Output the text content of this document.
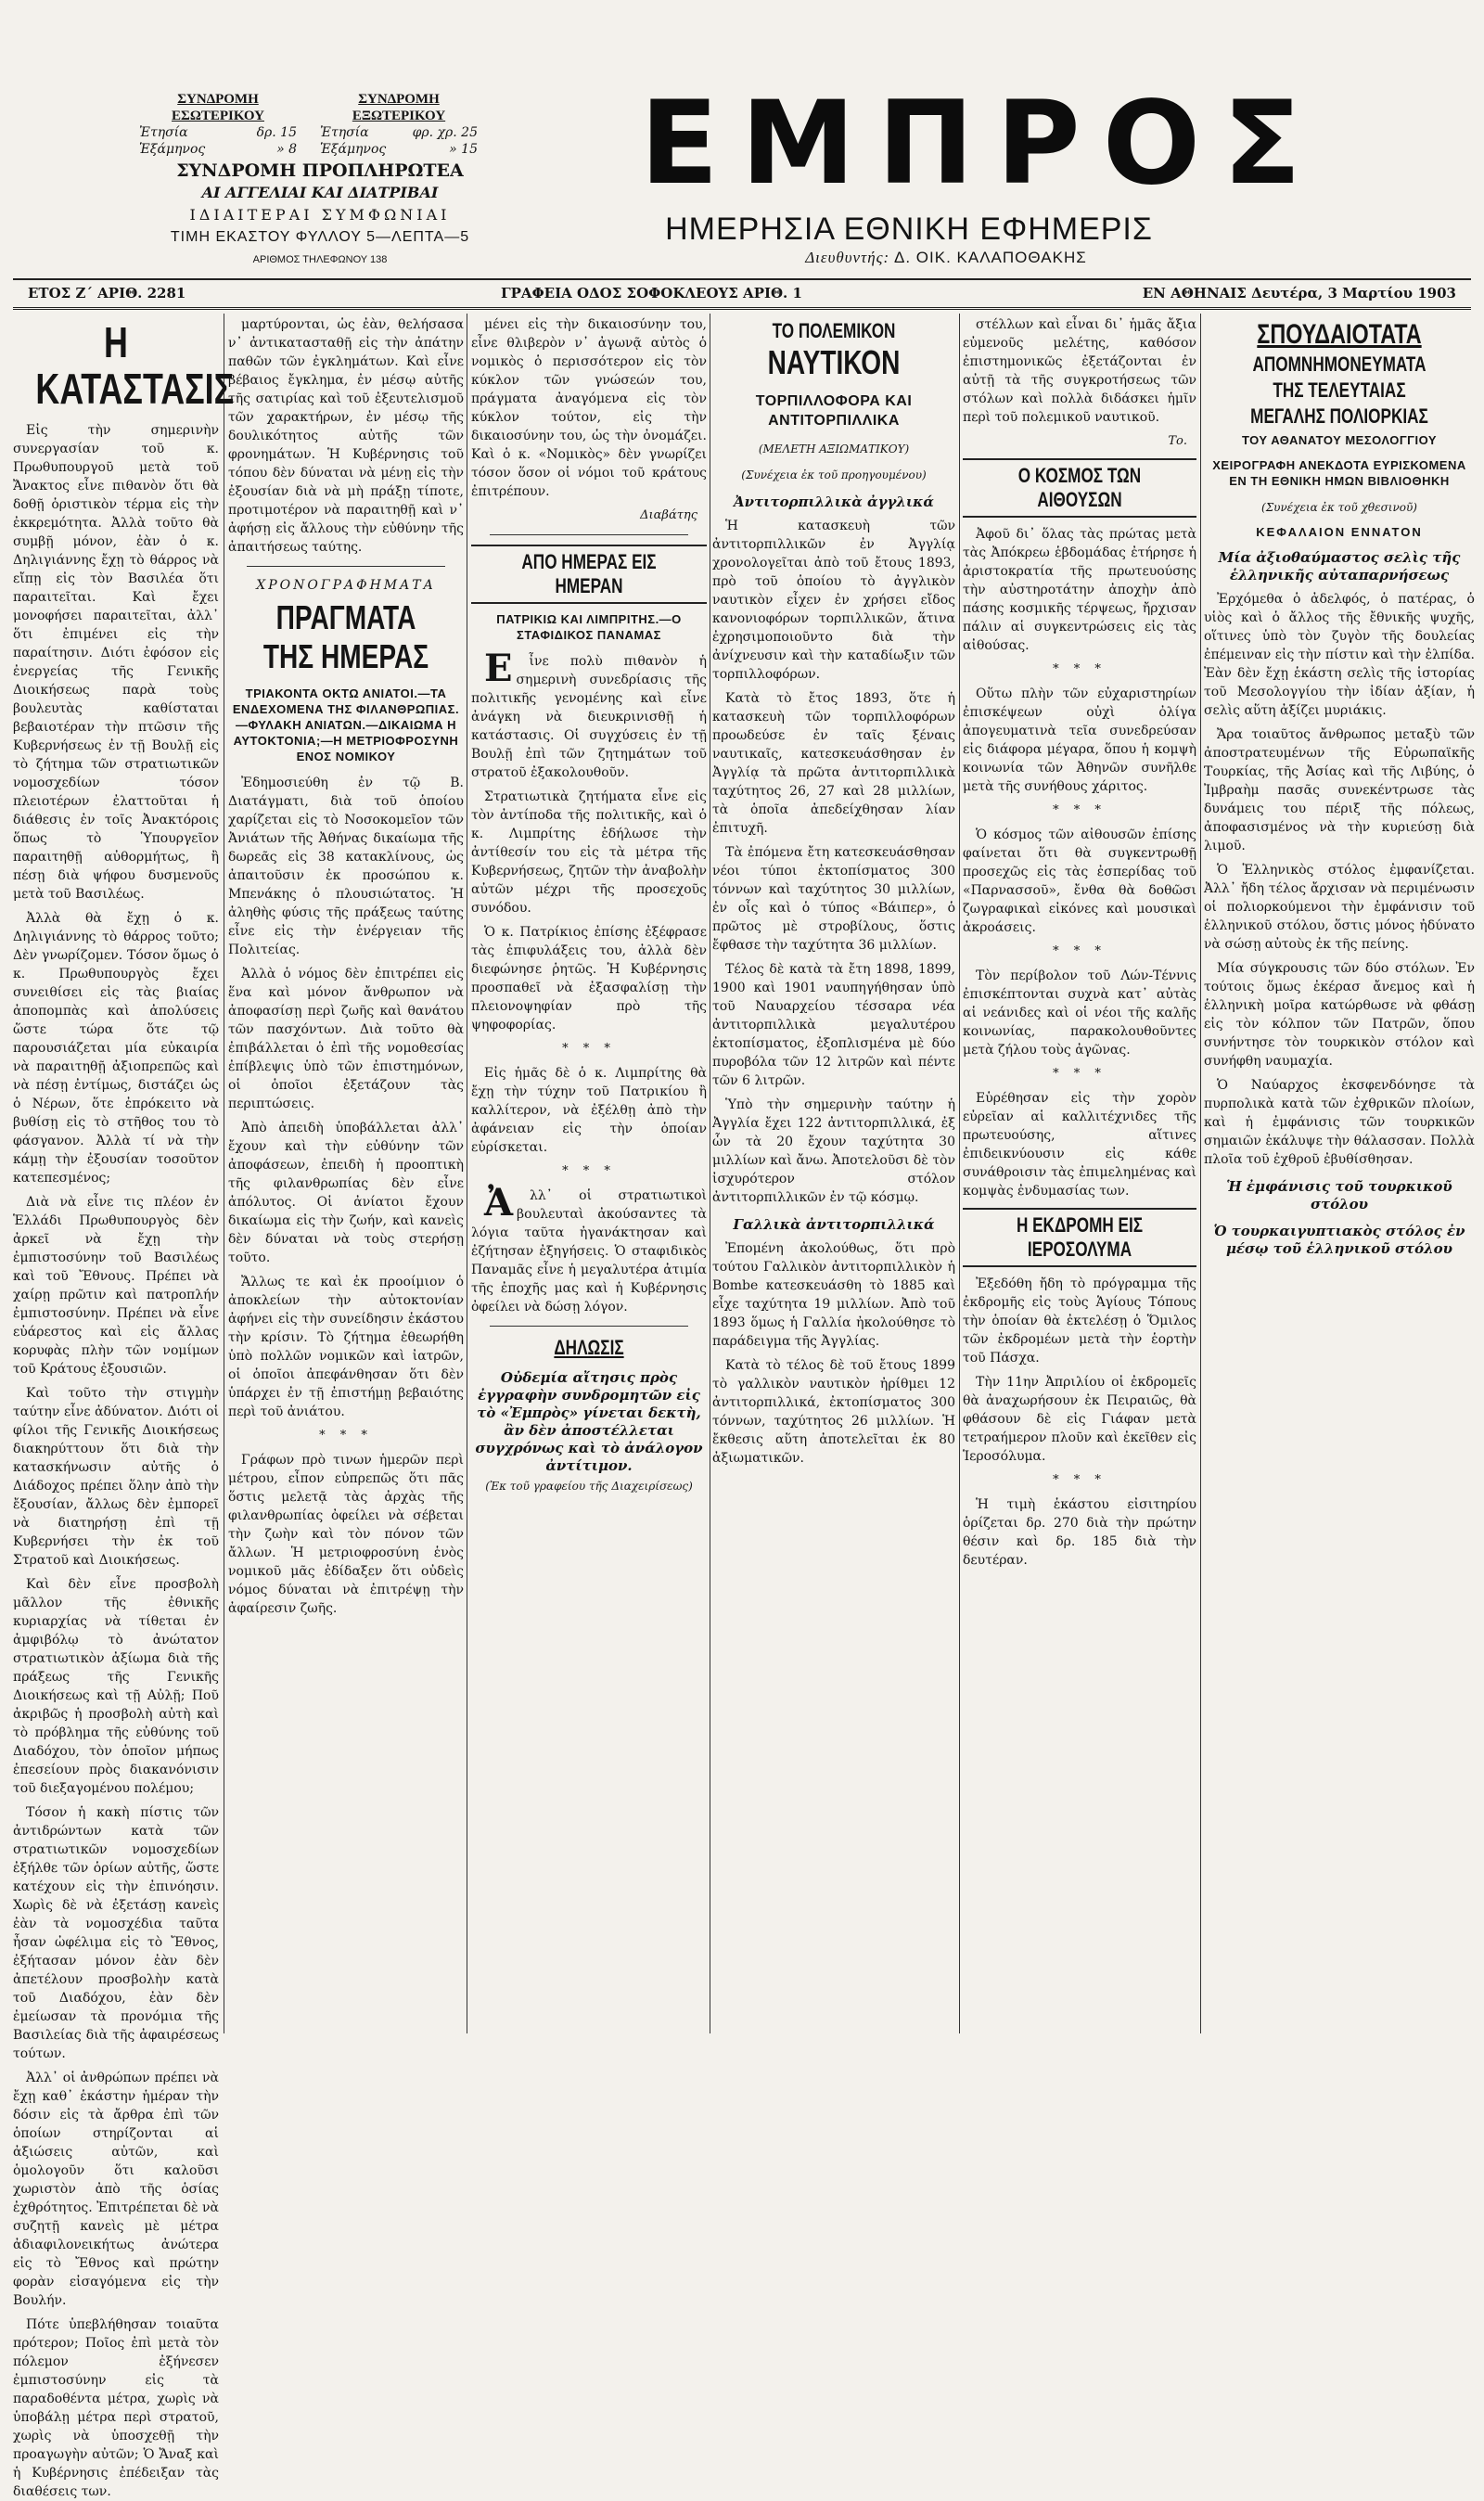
ΣΥΝΔΡΟΜΗ ΕΣΩΤΕΡΙΚΟΥ
Ἐτησία	δρ. 15
Ἑξάμηνος	» 8
ΣΥΝΔΡΟΜΗ ΕΞΩΤΕΡΙΚΟΥ
Ἐτησία	φρ. χρ. 25
Ἑξάμηνος	» 15
ΣΥΝΔΡΟΜΗ ΠΡΟΠΛΗΡΩΤΕΑ
ΑΙ ΑΓΓΕΛΙΑΙ ΚΑΙ ΔΙΑΤΡΙΒΑΙ
ΙΔΙΑΙΤΕΡΑΙ ΣΥΜΦΩΝΙΑΙ
ΤΙΜΗ ΕΚΑΣΤΟΥ ΦΥΛΛΟΥ 5—ΛΕΠΤΑ—5
ΑΡΙΘΜΟΣ ΤΗΛΕΦΩΝΟΥ 138
ΕΜΠΡΟΣ
ΗΜΕΡΗΣΙΑ ΕΘΝΙΚΗ ΕΦΗΜΕΡΙΣ
Διευθυντής: Δ. ΟΙΚ. ΚΑΛΑΠΟΘΑΚΗΣ
ΕΤΟΣ Ζ΄ ΑΡΙΘ. 2281	ΓΡΑΦΕΙΑ ΟΔΟΣ ΣΟΦΟΚΛΕΟΥΣ ΑΡΙΘ. 1	ΕΝ ΑΘΗΝΑΙΣ Δευτέρα, 3 Μαρτίου 1903
Η ΚΑΤΑΣΤΑΣΙΣ

Εἰς τὴν σημερινὴν συνεργασίαν τοῦ κ. Πρωθυπουργοῦ μετὰ τοῦ Ἄνακτος εἶνε πιθανὸν ὅτι θὰ δοθῇ ὁριστικὸν τέρμα εἰς τὴν ἐκκρεμότητα. Ἀλλὰ τοῦτο θὰ συμβῇ μόνον, ἐὰν ὁ κ. Δηλιγιάννης ἔχῃ τὸ θάρρος νὰ εἴπῃ εἰς τὸν Βασιλέα ὅτι παραιτεῖται. Καὶ ἔχει μονοφήσει παραιτεῖται, ἀλλ᾽ ὅτι ἐπιμένει εἰς τὴν παραίτησιν. Διότι ἐφόσον εἰς ἐνεργείας τῆς Γενικῆς Διοικήσεως παρὰ τοὺς βουλευτὰς καθίσταται βεβαιοτέραν τὴν πτῶσιν τῆς Κυβερνήσεως ἐν τῇ Βουλῇ εἰς τὸ ζήτημα τῶν στρατιωτικῶν νομοσχεδίων τόσον πλειοτέρων ἐλαττοῦται ἡ διάθεσις ἐν τοῖς Ἀνακτόροις ὅπως τὸ Ὑπουργεῖον παραιτηθῇ αὐθορμήτως, ἢ πέσῃ διὰ ψήφου δυσμενοῦς μετὰ τοῦ Βασιλέως.

Ἀλλὰ θὰ ἔχῃ ὁ κ. Δηλιγιάννης τὸ θάρρος τοῦτο; Δὲν γνωρίζομεν. Τόσον ὅμως ὁ κ. Πρωθυπουργὸς ἔχει συνειθίσει εἰς τὰς βιαίας ἀποπομπὰς καὶ ἀπολύσεις ὥστε τώρα ὅτε τῷ παρουσιάζεται μία εὐκαιρία νὰ παραιτηθῇ ἀξιοπρεπῶς καὶ νὰ πέσῃ ἐντίμως, διστάζει ὡς ὁ Νέρων, ὅτε ἐπρόκειτο νὰ βυθίσῃ εἰς τὸ στῆθος του τὸ φάσγανον. Ἀλλὰ τί νὰ τὴν κάμῃ τὴν ἐξουσίαν τοσοῦτον κατεπεσμένος;

Διὰ νὰ εἶνε τις πλέον ἐν Ἑλλάδι Πρωθυπουργὸς δὲν ἀρκεῖ νὰ ἔχῃ τὴν ἐμπιστοσύνην τοῦ Βασιλέως καὶ τοῦ Ἔθνους. Πρέπει νὰ χαίρῃ πρῶτιν καὶ πατροπλήν ἐμπιστοσύνην. Πρέπει νὰ εἶνε εὐάρεστος καὶ εἰς ἄλλας κορυφὰς πλὴν τῶν νομίμων τοῦ Κράτους ἐξουσιῶν.

Καὶ τοῦτο τὴν στιγμὴν ταύτην εἶνε ἀδύνατον. Διότι οἱ φίλοι τῆς Γενικῆς Διοικήσεως διακηρύττουν ὅτι διὰ τὴν κατασκήνωσιν αὐτῆς ὁ Διάδοχος πρέπει ὅλην ἀπὸ τὴν ἔξουσίαν, ἄλλως δὲν ἐμπορεῖ νὰ διατηρήσῃ ἐπὶ τῇ Κυβερνήσει τὴν ἐκ τοῦ Στρατοῦ καὶ Διοικήσεως.

Καὶ δὲν εἶνε προσβολὴ μᾶλλον τῆς ἐθνικῆς κυριαρχίας νὰ τίθεται ἐν ἀμφιβόλῳ τὸ ἀνώτατον στρατιωτικὸν ἀξίωμα διὰ τῆς πράξεως τῆς Γενικῆς Διοικήσεως καὶ τῇ Αὐλῇ; Ποῦ ἀκριβῶς ἡ προσβολὴ αὐτὴ καὶ τὸ πρόβλημα τῆς εὐθύνης τοῦ Διαδόχου, τὸν ὁποῖον μήπως ἐπεσείουν πρὸς διακανόνισιν τοῦ διεξαγομένου πολέμου;

Τόσον ἡ κακὴ πίστις τῶν ἀντιδρώντων κατὰ τῶν στρατιωτικῶν νομοσχεδίων ἐξήλθε τῶν ὁρίων αὐτῆς, ὥστε κατέχουν εἰς τὴν ἐπινόησιν. Χωρὶς δὲ νὰ ἐξετάσῃ κανεὶς ἐὰν τὰ νομοσχέδια ταῦτα ἦσαν ὠφέλιμα εἰς τὸ Ἔθνος, ἐξήτασαν μόνον ἐὰν δὲν ἀπετέλουν προσβολὴν κατὰ τοῦ Διαδόχου, ἐὰν δὲν ἐμείωσαν τὰ προνόμια τῆς Βασιλείας διὰ τῆς ἀφαιρέσεως τούτων.

Ἀλλ᾽ οἱ ἀνθρώπων πρέπει νὰ ἔχῃ καθ᾽ ἑκάστην ἡμέραν τὴν δόσιν εἰς τὰ ἄρθρα ἐπὶ τῶν ὁποίων στηρίζονται αἱ ἀξιώσεις αὐτῶν, καὶ ὁμολογοῦν ὅτι καλοῦσι χωριστὸν ἀπὸ τῆς ὁσίας ἐχθρότητος. Ἐπιτρέπεται δὲ νὰ συζητῇ κανεὶς μὲ μέτρα ἀδιαφιλονεικήτως ἀνώτερα εἰς τὸ Ἔθνος καὶ πρώτην φορὰν εἰσαγόμενα εἰς τὴν Βουλήν.

Πότε ὑπεβλήθησαν τοιαῦτα πρότερον; Ποῖος ἐπὶ μετὰ τὸν πόλεμον ἐξήνεσεν ἐμπιστοσύνην εἰς τὰ παραδοθέντα μέτρα, χωρὶς νὰ ὑποβάλῃ μέτρα περὶ στρατοῦ, χωρὶς νὰ ὑποσχεθῇ τὴν προαγωγὴν αὐτῶν; Ὁ Ἄναξ καὶ ἡ Κυβέρνησις ἐπέδειξαν τὰς διαθέσεις των.

μαρτύρονται, ὡς ἐὰν, θελήσασα ν᾽ ἀντικατασταθῇ εἰς τὴν ἀπάτην παθῶν τῶν ἐγκλημάτων. Καὶ εἶνε βέβαιος ἔγκλημα, ἐν μέσῳ αὐτῆς τῆς σατιρίας καὶ τοῦ ἐξευτελισμοῦ τῶν χαρακτήρων, ἐν μέσῳ τῆς δουλικότητος αὐτῆς τῶν φρονημάτων. Ἡ Κυβέρνησις τοῦ τόπου δὲν δύναται νὰ μένῃ εἰς τὴν ἐξουσίαν διὰ νὰ μὴ πράξῃ τίποτε, προτιμοτέρον νὰ παραιτηθῇ καὶ ν᾽ ἀφήσῃ εἰς ἄλλους τὴν εὐθύνην τῆς ἀπαιτήσεως ταύτης.

ΧΡΟΝΟΓΡΑΦΗΜΑΤΑ
ΠΡΑΓΜΑΤΑ ΤΗΣ ΗΜΕΡΑΣ
ΤΡΙΑΚΟΝΤΑ ΟΚΤΩ ΑΝΙΑΤΟΙ.—ΤΑ ΕΝΔΕΧΟΜΕΝΑ ΤΗΣ ΦΙΛΑΝΘΡΩΠΙΑΣ.—ΦΥΛΑΚΗ ΑΝΙΑΤΩΝ.—ΔΙΚΑΙΩΜΑ Η ΑΥΤΟΚΤΟΝΙΑ;—Η ΜΕΤΡΙΟΦΡΟΣΥΝΗ ΕΝΟΣ ΝΟΜΙΚΟΥ

Ἐδημοσιεύθη ἐν τῷ Β. Διατάγματι, διὰ τοῦ ὁποίου χαρίζεται εἰς τὸ Νοσοκομεῖον τῶν Ἀνιάτων τῆς Ἀθήνας δικαίωμα τῆς δωρεᾶς εἰς 38 κατακλίνους, ὡς ἀπαιτοῦσιν ἐκ προσώπου κ. Μπενάκης ὁ πλουσιώτατος. Ἡ ἀληθὴς φύσις τῆς πράξεως ταύτης εἶνε εἰς τὴν ἐνέργειαν τῆς Πολιτείας.

Ἀλλὰ ὁ νόμος δὲν ἐπιτρέπει εἰς ἕνα καὶ μόνον ἄνθρωπον νὰ ἀποφασίσῃ περὶ ζωῆς καὶ θανάτου τῶν πασχόντων. Διὰ τοῦτο θὰ ἐπιβάλλεται ὁ ἐπὶ τῆς νομοθεσίας ἐπίβλεψις ὑπὸ τῶν ἐπιστημόνων, οἱ ὁποῖοι ἐξετάζουν τὰς περιπτώσεις.

Ἀπὸ ἀπειδὴ ὑποβάλλεται ἀλλ᾽ ἔχουν καὶ τὴν εὐθύνην τῶν ἀποφάσεων, ἐπειδὴ ἡ προοπτικὴ τῆς φιλανθρωπίας δὲν εἶνε ἀπόλυτος. Οἱ ἀνίατοι ἔχουν δικαίωμα εἰς τὴν ζωήν, καὶ κανεὶς δὲν δύναται νὰ τοὺς στερήσῃ τοῦτο.

Ἄλλως τε καὶ ἐκ προοίμιον ὁ ἀποκλείων τὴν αὐτοκτονίαν ἀφήνει εἰς τὴν συνείδησιν ἑκάστου τὴν κρίσιν. Τὸ ζήτημα ἐθεωρήθη ὑπὸ πολλῶν νομικῶν καὶ ἰατρῶν, οἱ ὁποῖοι ἀπεφάνθησαν ὅτι δὲν ὑπάρχει ἐν τῇ ἐπιστήμῃ βεβαιότης περὶ τοῦ ἀνιάτου.

* * *

Γράφων πρὸ τινων ἡμερῶν περὶ μέτρου, εἶπον εὐπρεπῶς ὅτι πᾶς ὅστις μελετᾷ τὰς ἀρχὰς τῆς φιλανθρωπίας ὀφείλει νὰ σέβεται τὴν ζωὴν καὶ τὸν πόνον τῶν ἄλλων. Ἡ μετριοφροσύνη ἑνὸς νομικοῦ μᾶς ἐδίδαξεν ὅτι οὐδεὶς νόμος δύναται νὰ ἐπιτρέψῃ τὴν ἀφαίρεσιν ζωῆς.

μένει εἰς τὴν δικαιοσύνην του, εἶνε θλιβερὸν ν᾽ ἀγωνᾷ αὐτὸς ὁ νομικὸς ὁ περισσότερον εἰς τὸν κύκλον τῶν γνώσεών του, πράγματα ἀναγόμενα εἰς τὸν κύκλον τούτον, εἰς τὴν δικαιοσύνην του, ὡς τὴν ὀνομάζει. Καὶ ὁ κ. «Νομικὸς» δὲν γνωρίζει τόσον ὅσον οἱ νόμοι τοῦ κράτους ἐπιτρέπουν.

Διαβάτης
ΑΠΟ ΗΜΕΡΑΣ ΕΙΣ ΗΜΕΡΑΝ
ΠΑΤΡΙΚΙΩ ΚΑΙ ΛΙΜΠΡΙΤΗΣ.—Ο ΣΤΑΦΙΔΙΚΟΣ ΠΑΝΑΜΑΣ

Εἶνε πολὺ πιθανὸν ἡ σημερινὴ συνεδρίασις τῆς πολιτικῆς γενομένης καὶ εἶνε ἀνάγκη νὰ διευκρινισθῇ ἡ κατάστασις. Οἱ συγχύσεις ἐν τῇ Βουλῇ ἐπὶ τῶν ζητημάτων τοῦ στρατοῦ ἐξακολουθοῦν.

Στρατιωτικὰ ζητήματα εἶνε εἰς τὸν ἀντίποδα τῆς πολιτικῆς, καὶ ὁ κ. Λιμπρίτης ἐδήλωσε τὴν ἀντίθεσίν του εἰς τὰ μέτρα τῆς Κυβερνήσεως, ζητῶν τὴν ἀναβολὴν αὐτῶν μέχρι τῆς προσεχοῦς συνόδου.

Ὁ κ. Πατρίκιος ἐπίσης ἐξέφρασε τὰς ἐπιφυλάξεις του, ἀλλὰ δὲν διεφώνησε ῥητῶς. Ἡ Κυβέρνησις προσπαθεῖ νὰ ἐξασφαλίσῃ τὴν πλειονοψηφίαν πρὸ τῆς ψηφοφορίας.

* * *

Εἰς ἡμᾶς δὲ ὁ κ. Λιμπρίτης θὰ ἔχῃ τὴν τύχην τοῦ Πατρικίου ἢ καλλίτερον, νὰ ἐξέλθῃ ἀπὸ τὴν ἀφάνειαν εἰς τὴν ὁποίαν εὑρίσκεται.

* * *

Ἀλλ᾽ οἱ στρατιωτικοὶ βουλευταὶ ἀκούσαντες τὰ λόγια ταῦτα ἠγανάκτησαν καὶ ἐζήτησαν ἐξηγήσεις. Ὁ σταφιδικὸς Παναμᾶς εἶνε ἡ μεγαλυτέρα ἀτιμία τῆς ἐποχῆς μας καὶ ἡ Κυβέρνησις ὀφείλει νὰ δώσῃ λόγον.

ΔΗΛΩΣΙΣ
Οὐδεμία αἴτησις πρὸς ἐγγραφὴν συνδρομητῶν εἰς τὸ «Ἐμπρὸς» γίνεται δεκτὴ, ἂν δὲν ἀποστέλλεται συγχρόνως καὶ τὸ ἀνάλογον ἀντίτιμον.
(Ἐκ τοῦ γραφείου τῆς Διαχειρίσεως)
ΤΟ ΠΟΛΕΜΙΚΟΝ
ΝΑΥΤΙΚΟΝ
ΤΟΡΠΙΛΛΟΦΟΡΑ ΚΑΙ ΑΝΤΙΤΟΡΠΙΛΛΙΚΑ
(ΜΕΛΕΤΗ ΑΞΙΩΜΑΤΙΚΟΥ)
(Συνέχεια ἐκ τοῦ προηγουμένου)
Ἀντιτορπιλλικὰ ἀγγλικά

Ἡ κατασκευὴ τῶν ἀντιτορπιλλικῶν ἐν Ἀγγλίᾳ χρονολογεῖται ἀπὸ τοῦ ἔτους 1893, πρὸ τοῦ ὁποίου τὸ ἀγγλικὸν ναυτικὸν εἶχεν ἐν χρήσει εἴδος κανονιοφόρων τορπιλλικῶν, ἅτινα ἐχρησιμοποιοῦντο διὰ τὴν ἀνίχνευσιν καὶ τὴν καταδίωξιν τῶν τορπιλλοφόρων.

Κατὰ τὸ ἔτος 1893, ὅτε ἡ κατασκευὴ τῶν τορπιλλοφόρων προωδεύσε ἐν ταῖς ξέναις ναυτικαῖς, κατεσκευάσθησαν ἐν Ἀγγλίᾳ τὰ πρῶτα ἀντιτορπιλλικὰ ταχύτητος 26, 27 καὶ 28 μιλλίων, τὰ ὁποῖα ἀπεδείχθησαν λίαν ἐπιτυχῆ.

Τὰ ἐπόμενα ἔτη κατεσκευάσθησαν νέοι τύποι ἐκτοπίσματος 300 τόννων καὶ ταχύτητος 30 μιλλίων, ἐν οἷς καὶ ὁ τύπος «Βάιπερ», ὁ πρῶτος μὲ στροβίλους, ὅστις ἔφθασε τὴν ταχύτητα 36 μιλλίων.

Τέλος δὲ κατὰ τὰ ἔτη 1898, 1899, 1900 καὶ 1901 ναυπηγήθησαν ὑπὸ τοῦ Ναυαρχείου τέσσαρα νέα ἀντιτορπιλλικὰ μεγαλυτέρου ἐκτοπίσματος, ἐξοπλισμένα μὲ δύο πυροβόλα τῶν 12 λιτρῶν καὶ πέντε τῶν 6 λιτρῶν.

Ὑπὸ τὴν σημερινὴν ταύτην ἡ Ἀγγλία ἔχει 122 ἀντιτορπιλλικά, ἐξ ὧν τὰ 20 ἔχουν ταχύτητα 30 μιλλίων καὶ ἄνω. Ἀποτελοῦσι δὲ τὸν ἰσχυρότερον στόλον ἀντιτορπιλλικῶν ἐν τῷ κόσμῳ.

Γαλλικὰ ἀντιτορπιλλικά

Ἐπομένη ἀκολούθως, ὅτι πρὸ τούτου Γαλλικὸν ἀντιτορπιλλικὸν ἡ Bombe κατεσκευάσθη τὸ 1885 καὶ εἶχε ταχύτητα 19 μιλλίων. Ἀπὸ τοῦ 1893 ὅμως ἡ Γαλλία ἠκολούθησε τὸ παράδειγμα τῆς Ἀγγλίας.

Κατὰ τὸ τέλος δὲ τοῦ ἔτους 1899 τὸ γαλλικὸν ναυτικὸν ἠρίθμει 12 ἀντιτορπιλλικά, ἐκτοπίσματος 300 τόννων, ταχύτητος 26 μιλλίων. Ἡ ἔκθεσις αὕτη ἀποτελεῖται ἐκ 80 ἀξιωματικῶν.

στέλλων καὶ εἶναι δι᾽ ἡμᾶς ἄξια εὐμενοῦς μελέτης, καθόσον ἐπιστημονικῶς ἐξετάζονται ἐν αὐτῇ τὰ τῆς συγκροτήσεως τῶν στόλων καὶ πολλὰ διδάσκει ἡμῖν περὶ τοῦ πολεμικοῦ ναυτικοῦ.

Το.
Ο ΚΟΣΜΟΣ ΤΩΝ ΑΙΘΟΥΣΩΝ

Ἀφοῦ δι᾽ ὅλας τὰς πρώτας μετὰ τὰς Ἀπόκρεω ἑβδομάδας ἐτήρησε ἡ ἀριστοκρατία τῆς πρωτευούσης τὴν αὐστηροτάτην ἀποχὴν ἀπὸ πάσης κοσμικῆς τέρψεως, ἤρχισαν πάλιν αἱ συγκεντρώσεις εἰς τὰς αἰθούσας.

* * *

Οὕτω πλὴν τῶν εὐχαριστηρίων ἐπισκέψεων οὐχὶ ὀλίγα ἀπογευματινὰ τεῖα συνεδρεύσαν εἰς διάφορα μέγαρα, ὅπου ἡ κομψὴ κοινωνία τῶν Ἀθηνῶν συνῆλθε μετὰ τῆς συνήθους χάριτος.

* * *

Ὁ κόσμος τῶν αἰθουσῶν ἐπίσης φαίνεται ὅτι θὰ συγκεντρωθῇ προσεχῶς εἰς τὰς ἐσπερίδας τοῦ «Παρνασσοῦ», ἔνθα θὰ δοθῶσι ζωγραφικαὶ εἰκόνες καὶ μουσικαὶ ἀκροάσεις.

* * *

Τὸν περίβολον τοῦ Λών-Τέννις ἐπισκέπτονται συχνὰ κατ᾽ αὐτὰς αἱ νεάνιδες καὶ οἱ νέοι τῆς καλῆς κοινωνίας, παρακολουθοῦντες μετὰ ζήλου τοὺς ἀγῶνας.

* * *

Εὑρέθησαν εἰς τὴν χορὸν εὐρεῖαν αἱ καλλιτέχνιδες τῆς πρωτευούσης, αἵτινες ἐπιδεικνύουσιν εἰς κάθε συνάθροισιν τὰς ἐπιμελημένας καὶ κομψὰς ἐνδυμασίας των.

Η ΕΚΔΡΟΜΗ ΕΙΣ ΙΕΡΟΣΟΛΥΜΑ

Ἐξεδόθη ἤδη τὸ πρόγραμμα τῆς ἐκδρομῆς εἰς τοὺς Ἁγίους Τόπους τὴν ὁποίαν θὰ ἐκτελέσῃ ὁ Ὅμιλος τῶν ἐκδρομέων μετὰ τὴν ἑορτὴν τοῦ Πάσχα.

Τὴν 11ην Ἀπριλίου οἱ ἐκδρομεῖς θὰ ἀναχωρήσουν ἐκ Πειραιῶς, θὰ φθάσουν δὲ εἰς Γιάφαν μετὰ τετραήμερον πλοῦν καὶ ἐκεῖθεν εἰς Ἱεροσόλυμα.

* * *

Ἡ τιμὴ ἑκάστου εἰσιτηρίου ὁρίζεται δρ. 270 διὰ τὴν πρώτην θέσιν καὶ δρ. 185 διὰ τὴν δευτέραν.

ΣΠΟΥΔΑΙΟΤΑΤΑ
ΑΠΟΜΝΗΜΟΝΕΥΜΑΤΑ
ΤΗΣ ΤΕΛΕΥΤΑΙΑΣ
ΜΕΓΑΛΗΣ ΠΟΛΙΟΡΚΙΑΣ
ΤΟΥ ΑΘΑΝΑΤΟΥ ΜΕΣΟΛΟΓΓΙΟΥ
ΧΕΙΡΟΓΡΑΦΗ ΑΝΕΚΔΟΤΑ ΕΥΡΙΣΚΟΜΕΝΑ ΕΝ ΤΗ ΕΘΝΙΚΗ ΗΜΩΝ ΒΙΒΛΙΟΘΗΚΗ
(Συνέχεια ἐκ τοῦ χθεσινοῦ)
ΚΕΦΑΛΑΙΟΝ ΕΝΝΑΤΟΝ
Μία ἀξιοθαύμαστος σελὶς τῆς ἑλληνικῆς αὐταπαρνήσεως

Ἐρχόμεθα ὁ ἀδελφός, ὁ πατέρας, ὁ υἱὸς καὶ ὁ ἄλλος τῆς ἔθνικῆς ψυχῆς, οἵτινες ὑπὸ τὸν ζυγὸν τῆς δουλείας ἐπέμειναν εἰς τὴν πίστιν καὶ τὴν ἐλπίδα. Ἐὰν δὲν ἔχῃ ἑκάστη σελὶς τῆς ἱστορίας τοῦ Μεσολογγίου τὴν ἰδίαν ἀξίαν, ἡ σελὶς αὕτη ἀξίζει μυριάκις.

Ἄρα τοιαῦτος ἄνθρωπος μεταξὺ τῶν ἀποστρατευμένων τῆς Εὐρωπαϊκῆς Τουρκίας, τῆς Ἀσίας καὶ τῆς Λιβύης, ὁ Ἰμβραὴμ πασᾶς συνεκέντρωσε τὰς δυνάμεις του πέριξ τῆς πόλεως, ἀποφασισμένος νὰ τὴν κυριεύσῃ διὰ λιμοῦ.

Ὁ Ἑλληνικὸς στόλος ἐμφανίζεται. Ἀλλ᾽ ἤδη τέλος ἄρχισαν νὰ περιμένωσιν οἱ πολιορκούμενοι τὴν ἐμφάνισιν τοῦ ἑλληνικοῦ στόλου, ὅστις μόνος ἠδύνατο νὰ σώσῃ αὐτοὺς ἐκ τῆς πείνης.

Μία σύγκρουσις τῶν δύο στόλων. Ἐν τούτοις ὅμως ἐκέρασ ἄνεμος καὶ ἡ ἑλληνικὴ μοῖρα κατώρθωσε νὰ φθάσῃ εἰς τὸν κόλπον τῶν Πατρῶν, ὅπου συνήντησε τὸν τουρκικὸν στόλον καὶ συνήφθη ναυμαχία.

Ὁ Ναύαρχος ἐκσφενδόνησε τὰ πυρπολικὰ κατὰ τῶν ἐχθρικῶν πλοίων, καὶ ἡ ἐμφάνισις τῶν τουρκικῶν σημαιῶν ἐκάλυψε τὴν θάλασσαν. Πολλὰ πλοῖα τοῦ ἐχθροῦ ἐβυθίσθησαν.

Ἡ ἐμφάνισις τοῦ τουρκικοῦ στόλου
Ὁ τουρκαιγυπτιακὸς στόλος ἐν μέσῳ τοῦ ἑλληνικοῦ στόλου
